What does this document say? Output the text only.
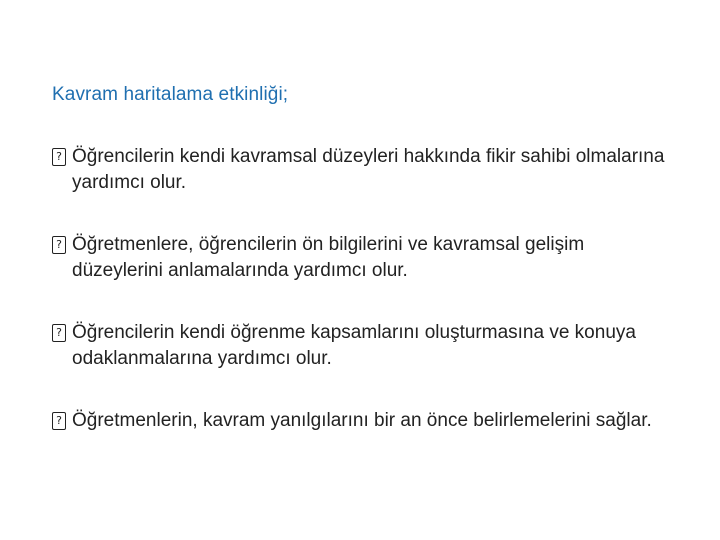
Kavram haritalama etkinliği;
? Öğrencilerin kendi kavramsal düzeyleri hakkında fikir sahibi olmalarına yardımcı olur.
? Öğretmenlere, öğrencilerin ön bilgilerini ve kavramsal gelişim düzeylerini anlamalarında yardımcı olur.
? Öğrencilerin kendi öğrenme kapsamlarını oluşturmasına ve konuya odaklanmalarına yardımcı olur.
? Öğretmenlerin, kavram yanılgılarını bir an önce belirlemelerini sağlar.
